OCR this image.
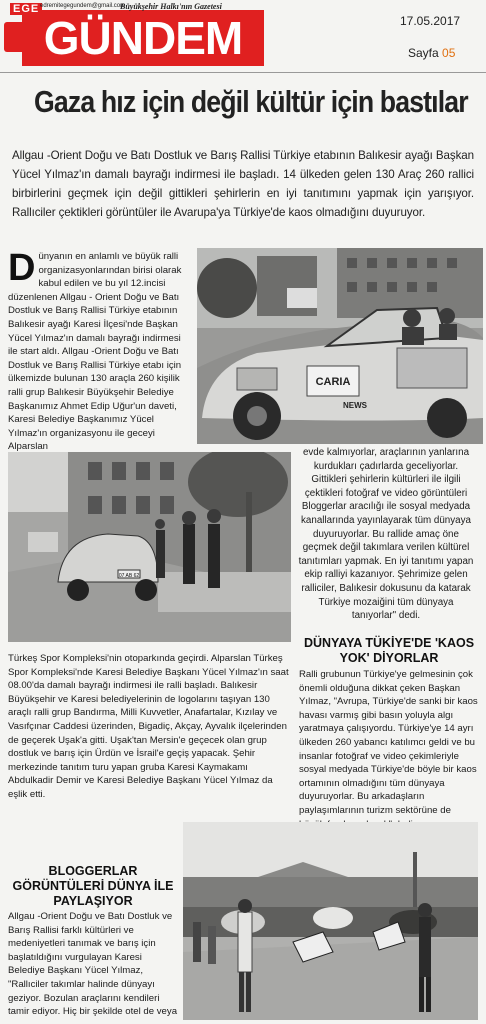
GÜNDEM
EGE edremitegegundem@gmail.com
Büyükşehir Halkı'nın Gazetesi
17.05.2017
Sayfa 05
Gaza hız için değil kültür için bastılar
Allgau -Orient Doğu ve Batı Dostluk ve Barış Rallisi Türkiye etabının Balıkesir ayağı Başkan Yücel Yılmaz'ın damalı bayrağı indirmesi ile başladı. 14 ülkeden gelen 130 Araç 260 rallici birbirlerini geçmek için değil gittikleri şehirlerin en iyi tanıtımını yapmak için yarışıyor. Rallıciler çektikleri görüntüler ile Avarupa'ya Türkiye'de kaos olmadığını duyuruyor.
Dünyanın en anlamlı ve büyük ralli organizasyonlarından birisi olarak kabul edilen ve bu yıl 12.incisi düzenlenen Allgau - Orient Doğu ve Batı Dostluk ve Barış Rallisi Türkiye etabının Balıkesir ayağı Karesi İlçesi'nde Başkan Yücel Yılmaz'ın damalı bayrağı indirmesi ile start aldı. Allgau -Orient Doğu ve Batı Dostluk ve Barış Rallisi Türkiye etabı için ülkemizde bulunan 130 araçla 260 kişilik ralli grup Balıkesir Büyükşehir Belediye Başkanımız Ahmet Edip Uğur'un daveti, Karesi Belediye Başkanımız Yücel Yılmaz'ın organizasyonu ile geceyi Alparslan
CARIA
NEWS
07 AB 62
evde kalmıyorlar, araçlarının yanlarına kurdukları çadırlarda geceliyorlar. Gittikleri şehirlerin kültürleri ile ilgili çektikleri fotoğraf ve video görüntüleri Bloggerlar aracılığı ile sosyal medyada kanallarında yayınlayarak tüm dünyaya duyuruyorlar. Bu rallide amaç öne geçmek değil takımlara verilen kültürel tanıtımları yapmak. En iyi tanıtımı yapan ekip ralliyi kazanıyor. Şehrimize gelen ralliciler, Balıkesir dokusunu da katarak Türkiye mozaiğini tüm dünyaya tanıyorlar" dedi.
Türkeş Spor Kompleksi'nin otoparkında geçirdi. Alparslan Türkeş Spor Kompleksi'nde Karesi Belediye Başkanı Yücel Yılmaz'ın saat 08.00'da damalı bayrağı indirmesi ile ralli başladı. Balıkesir Büyükşehir ve Karesi belediyelerinin de logolarını taşıyan 130 araçlı ralli grup Bandırma, Milli Kuvvetler, Anafartalar, Kızılay ve Vasıfçınar Caddesi üzerinden, Bigadiç, Akçay, Ayvalık ilçelerinden de geçerek Uşak'a gitti. Uşak'tan Mersin'e geçecek olan grup dostluk ve barış için Ürdün ve İsrail'e geçiş yapacak. Şehir merkezinde tanıtım turu yapan gruba Karesi Kaymakamı Abdulkadir Demir ve Karesi Belediye Başkanı Yücel Yılmaz da eşlik etti.
DÜNYAYA TÜKİYE'DE 'KAOS YOK' DİYORLAR
Ralli grubunun Türkiye'ye gelmesinin çok önemli olduğuna dikkat çeken Başkan Yılmaz, "Avrupa, Türkiye'de sanki bir kaos havası varmış gibi basın yoluyla algı yaratmaya çalışıyordu. Türkiye'ye 14 ayrı ülkeden 260 yabancı katılımcı geldi ve bu insanlar fotoğraf ve video çekimleriyle sosyal medyada Türkiye'de böyle bir kaos ortamının olmadığını tüm dünyaya duyuruyorlar. Bu arkadaşların paylaşımlarının turizm sektörüne de
BLOGGERLAR GÖRÜNTÜLERİ DÜNYA İLE PAYLAŞIYOR
Allgau -Orient Doğu ve Batı Dostluk ve Barış Rallisi farklı kültürleri ve medeniyetleri tanımak ve barış için başlatıldığını vurgulayan Karesi Belediye Başkanı Yücel Yılmaz, "Rallıciler takımlar halinde dünyayı geziyor. Bozulan araçlarını kendileri tamir ediyor. Hiç bir şekilde otel de veya
